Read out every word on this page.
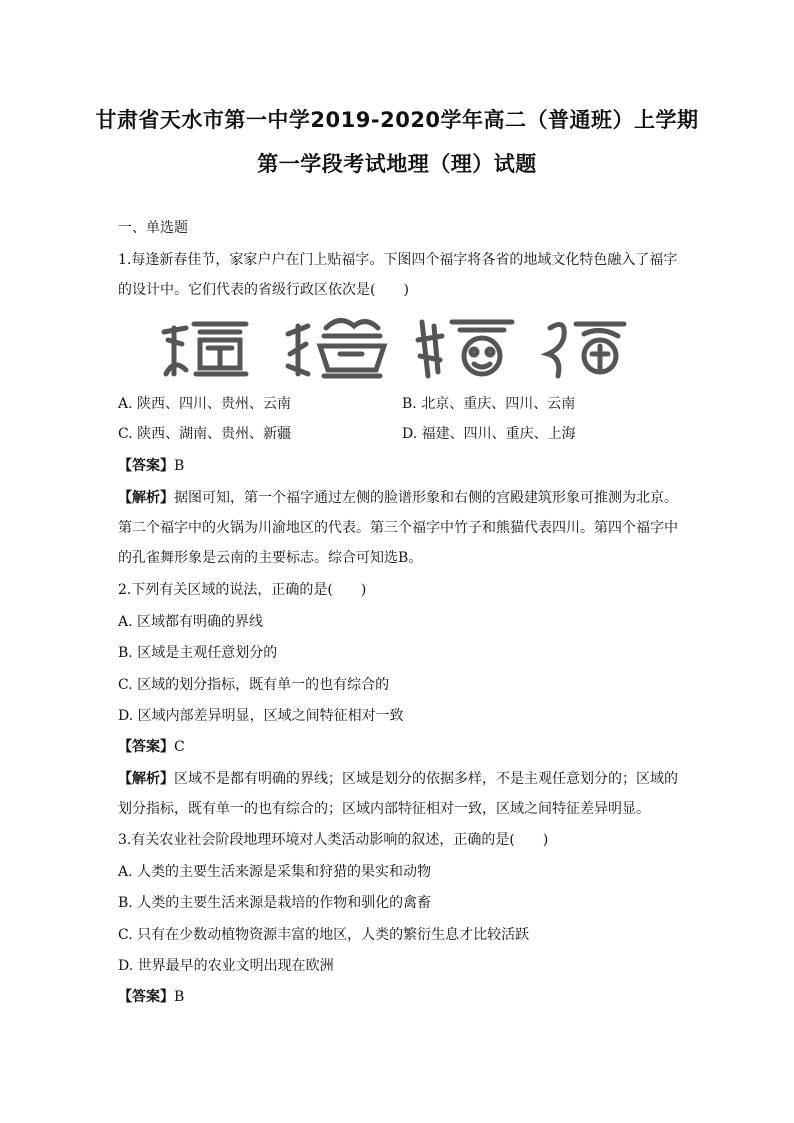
甘肃省天水市第一中学2019-2020学年高二（普通班）上学期
第一学段考试地理（理）试题
一、单选题
1.每逢新春佳节，家家户户在门上贴福字。下图四个福字将各省的地域文化特色融入了福字
的设计中。它们代表的省级行政区依次是(　　)
A. 陕西、四川、贵州、云南	B. 北京、重庆、四川、云南
C. 陕西、湖南、贵州、新疆	D. 福建、四川、重庆、上海
【答案】B
【解析】据图可知，第一个福字通过左侧的脸谱形象和右侧的宫殿建筑形象可推测为北京。
第二个福字中的火锅为川渝地区的代表。第三个福字中竹子和熊猫代表四川。第四个福字中
的孔雀舞形象是云南的主要标志。综合可知选B。
2.下列有关区域的说法，正确的是(　　)
A. 区域都有明确的界线
B. 区域是主观任意划分的
C. 区域的划分指标，既有单一的也有综合的
D. 区域内部差异明显，区域之间特征相对一致
【答案】C
【解析】区域不是都有明确的界线；区域是划分的依据多样，不是主观任意划分的；区域的
划分指标，既有单一的也有综合的；区域内部特征相对一致，区域之间特征差异明显。
3.有关农业社会阶段地理环境对人类活动影响的叙述，正确的是(　　)
A. 人类的主要生活来源是采集和狩猎的果实和动物
B. 人类的主要生活来源是栽培的作物和驯化的禽畜
C. 只有在少数动植物资源丰富的地区，人类的繁衍生息才比较活跃
D. 世界最早的农业文明出现在欧洲
【答案】B
